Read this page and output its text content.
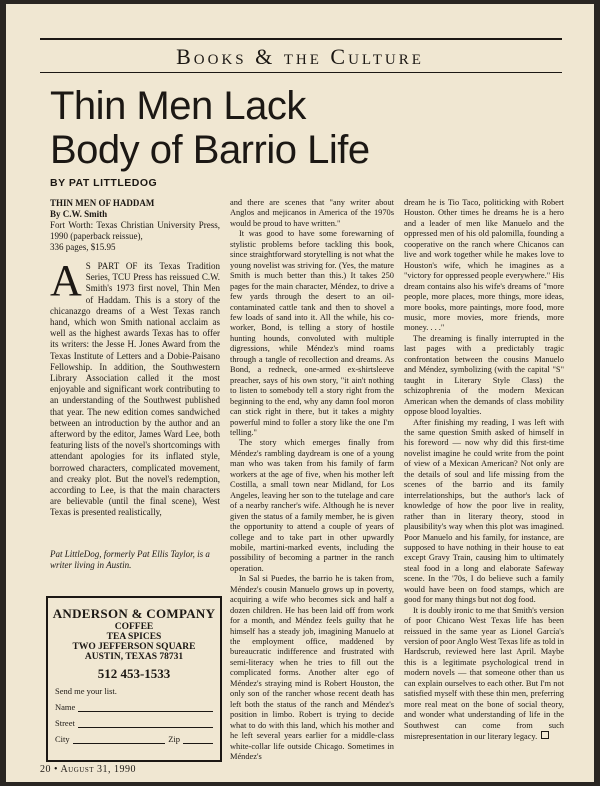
Books & the Culture
Thin Men Lack
Body of Barrio Life
BY PAT LITTLEDOG
THIN MEN OF HADDAM
By C.W. Smith
Fort Worth: Texas Christian University Press, 1990 (paperback reissue),
336 pages, $15.95

A S PART OF its Texas Tradition Series, TCU Press has reissued C.W. Smith's 1973 first novel, Thin Men of Haddam. This is a story of the chicanazgo dreams of a West Texas ranch hand, which won Smith national acclaim as well as the highest awards Texas has to offer its writers: the Jesse H. Jones Award from the Texas Institute of Letters and a Dobie-Paisano Fellowship. In addition, the Southwestern Library Association called it the most enjoyable and significant work contributing to an understanding of the Southwest published that year. The new edition comes sandwiched between an introduction by the author and an afterword by the editor, James Ward Lee, both featuring lists of the novel's shortcomings with attendant apologies for its inflated style, borrowed characters, complicated movement, and creaky plot. But the novel's redemption, according to Lee, is that the main characters are believable (until the final scene), West Texas is presented realistically,

Pat LittleDog, formerly Pat Ellis Taylor, is a writer living in Austin.
ANDERSON & COMPANY
COFFEE
TEA SPICES
TWO JEFFERSON SQUARE
AUSTIN, TEXAS 78731
512 453-1533
Send me your list.
Name
Street
City	Zip

and there are scenes that "any writer about Anglos and mejicanos in America of the 1970s would be proud to have written."

It was good to have some forewarning of stylistic problems before tackling this book, since straightforward storytelling is not what the young novelist was striving for. (Yes, the mature Smith is much better than this.) It takes 250 pages for the main character, Méndez, to drive a few yards through the desert to an oil-contaminated cattle tank and then to shovel a few loads of sand into it. All the while, his co-worker, Bond, is telling a story of hostile hunting hounds, convoluted with multiple digressions, while Méndez's mind roams through a tangle of recollection and dreams. As Bond, a redneck, one-armed ex-shirtsleeve preacher, says of his own story, "it ain't nothing to listen to somebody tell a story right from the beginning to the end, why any damn fool moron can stick right in there, but it takes a mighty powerful mind to foller a story like the one I'm telling."

The story which emerges finally from Méndez's rambling daydream is one of a young man who was taken from his family of farm workers at the age of five, when his mother left Costilla, a small town near Midland, for Los Angeles, leaving her son to the tutelage and care of a nearby rancher's wife. Although he is never given the status of a family member, he is given the opportunity to attend a couple of years of college and to take part in other upwardly mobile, martini-marked events, including the possibility of becoming a partner in the ranch operation.

In Sal si Puedes, the barrio he is taken from, Méndez's cousin Manuelo grows up in poverty, acquiring a wife who becomes sick and half a dozen children. He has been laid off from work for a month, and Méndez feels guilty that he himself has a steady job, imagining Manuelo at the employment office, maddened by bureaucratic indifference and frustrated with semi-literacy when he tries to fill out the complicated forms. Another alter ego of Méndez's straying mind is Robert Houston, the only son of the rancher whose recent death has left both the status of the ranch and Méndez's position in limbo. Robert is trying to decide what to do with this land, which his mother and he left several years earlier for a middle-class white-collar life outside Chicago. Sometimes in Méndez's

dream he is Tio Taco, politicking with Robert Houston. Other times he dreams he is a hero and a leader of men like Manuelo and the oppressed men of his old palomilla, founding a cooperative on the ranch where Chicanos can live and work together while he makes love to Houston's wife, which he imagines as a "victory for oppressed people everywhere." His dream contains also his wife's dreams of "more people, more places, more things, more ideas, more books, more paintings, more food, more music, more movies, more friends, more money. . . ."

The dreaming is finally interrupted in the last pages with a predictably tragic confrontation between the cousins Manuelo and Méndez, symbolizing (with the capital "S" taught in Literary Style Class) the schizophrenia of the modern Mexican American when the demands of class mobility oppose blood loyalties.

After finishing my reading, I was left with the same question Smith asked of himself in his foreword — now why did this first-time novelist imagine he could write from the point of view of a Mexican American? Not only are the details of soul and life missing from the scenes of the barrio and its family interrelationships, but the author's lack of knowledge of how the poor live in reality, rather than in literary theory, stood in plausibility's way when this plot was imagined. Poor Manuelo and his family, for instance, are supposed to have nothing in their house to eat except Gravy Train, causing him to ultimately steal food in a long and elaborate Safeway scene. In the '70s, I do believe such a family would have been on food stamps, which are good for many things but not dog food.

It is doubly ironic to me that Smith's version of poor Chicano West Texas life has been reissued in the same year as Lionel García's version of poor Anglo West Texas life as told in Hardscrub, reviewed here last April. Maybe this is a legitimate psychological trend in modern novels — that someone other than us can explain ourselves to each other. But I'm not satisfied myself with these thin men, preferring more real meat on the bone of social theory, and wonder what understanding of life in the Southwest can come from such misrepresentation in our literary legacy.

20 • August 31, 1990
